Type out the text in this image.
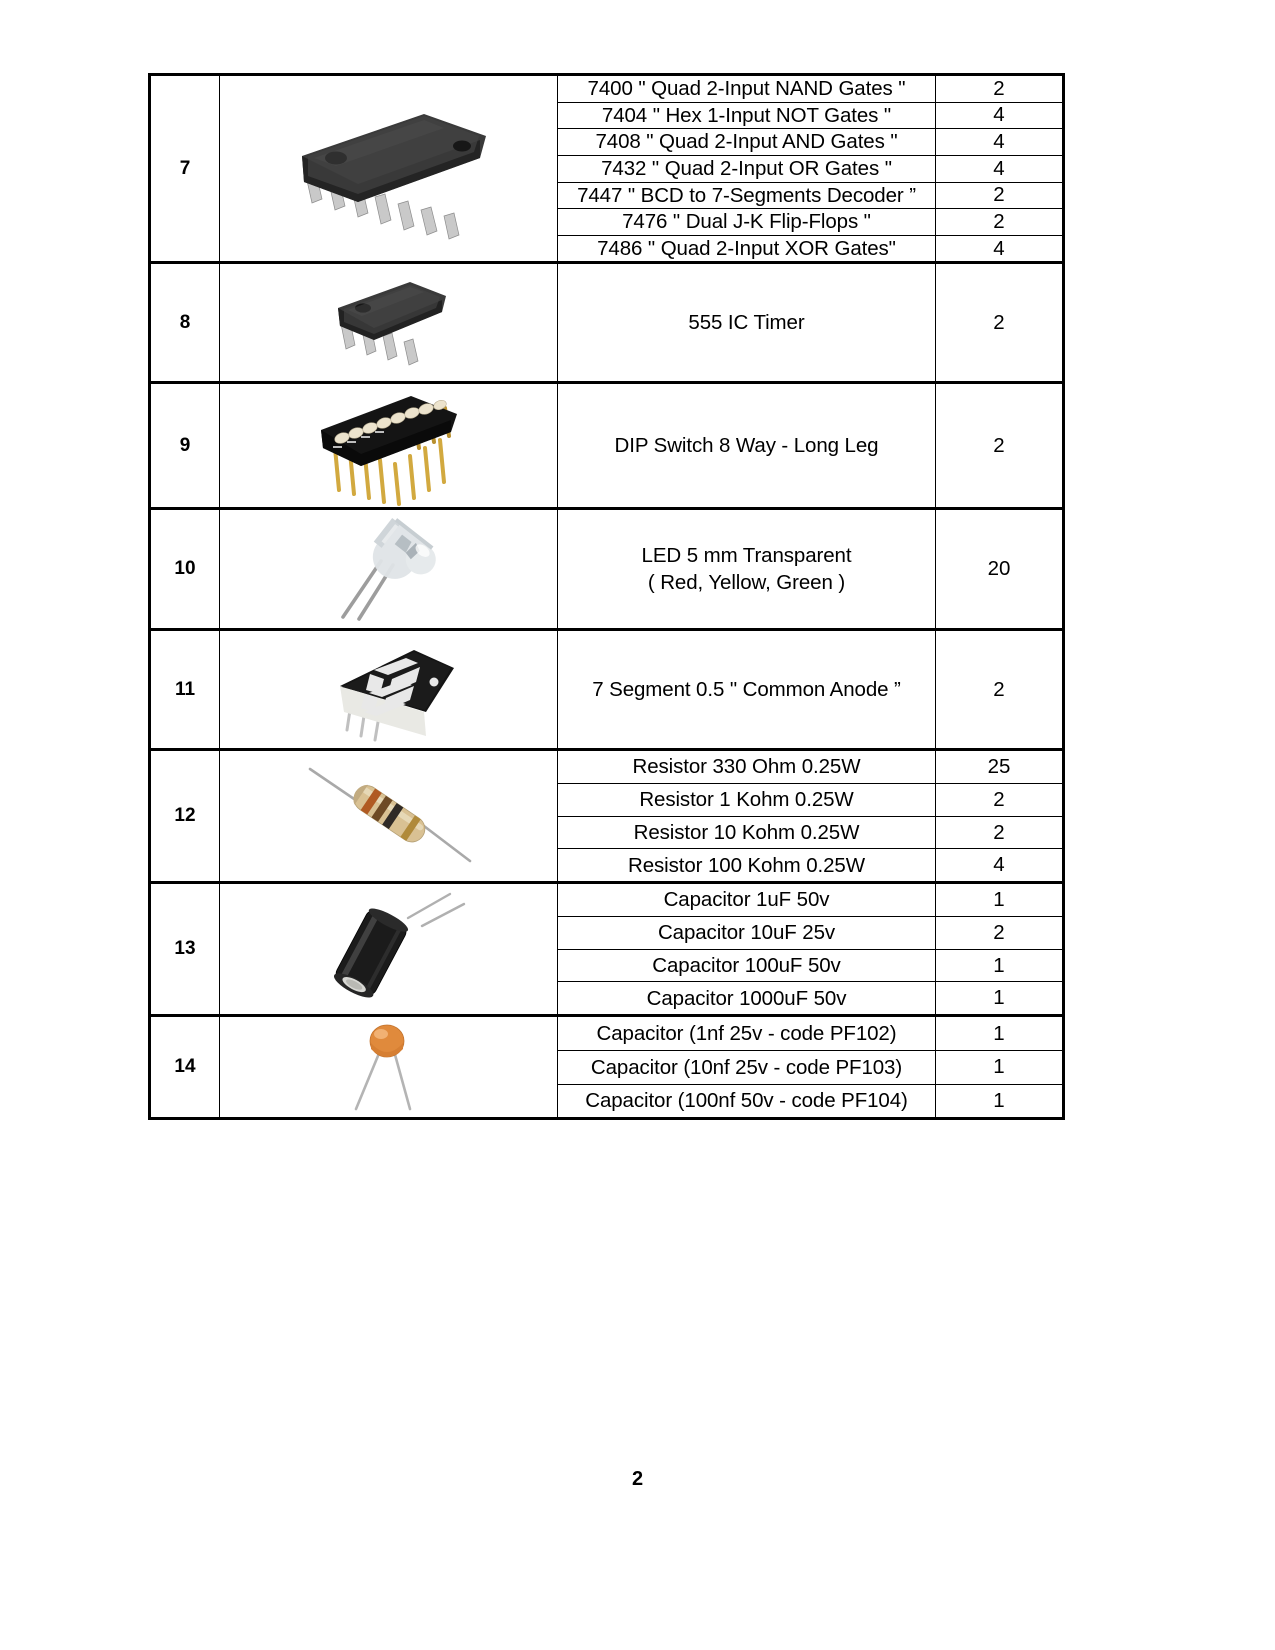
7		7400 " Quad 2-Input NAND Gates "	2
		7404 " Hex 1-Input NOT Gates "	4
		7408 " Quad 2-Input AND Gates "	4
		7432 " Quad 2-Input OR Gates "	4
		7447 " BCD to 7-Segments Decoder ”	2
		7476 " Dual J-K Flip-Flops "	2
		7486 " Quad 2-Input XOR Gates"	4
8		555 IC Timer	2
9		DIP Switch 8 Way - Long Leg	2
10		LED 5 mm Transparent
( Red, Yellow, Green )	20
11		7 Segment 0.5 " Common Anode ”	2
12		Resistor 330 Ohm 0.25W	25
		Resistor 1 Kohm 0.25W	2
		Resistor 10 Kohm 0.25W	2
		Resistor 100 Kohm 0.25W	4
13		Capacitor 1uF 50v	1
		Capacitor 10uF 25v	2
		Capacitor 100uF 50v	1
		Capacitor 1000uF 50v	1
14		Capacitor (1nf 25v - code PF102)	1
		Capacitor (10nf 25v - code PF103)	1
		Capacitor (100nf 50v - code PF104)	1
2
